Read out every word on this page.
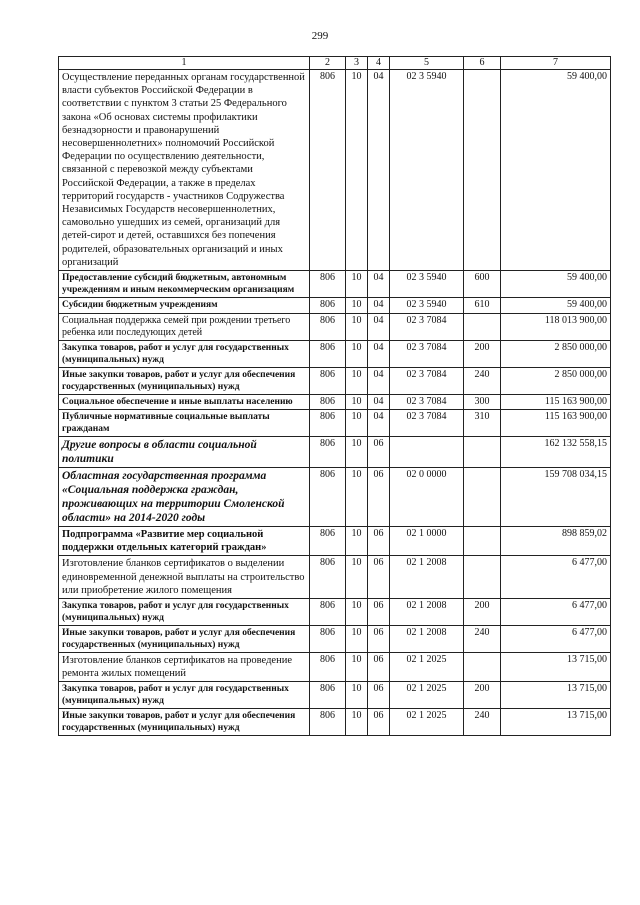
299
1	2	3	4	5	6	7
Осуществление переданных органам государственной власти субъектов Российской Федерации в соответствии с пунктом 3 статьи 25 Федерального закона «Об основах системы профилактики безнадзорности и правонарушений несовершеннолетних» полномочий Российской Федерации по осуществлению деятельности, связанной с перевозкой между субъектами Российской Федерации, а также в пределах территорий государств - участников Содружества Независимых Государств несовершеннолетних, самовольно ушедших из семей, организаций для детей-сирот и детей, оставшихся без попечения родителей, образовательных организаций и иных организаций	806	10	04	02 3 5940		59 400,00
Предоставление субсидий бюджетным, автономным учреждениям и иным некоммерческим организациям	806	10	04	02 3 5940	600	59 400,00
Субсидии бюджетным учреждениям	806	10	04	02 3 5940	610	59 400,00
Социальная поддержка семей при рождении третьего ребенка или последующих детей	806	10	04	02 3 7084		118 013 900,00
Закупка товаров, работ и услуг для государственных (муниципальных) нужд	806	10	04	02 3 7084	200	2 850 000,00
Иные закупки товаров, работ и услуг для обеспечения государственных (муниципальных) нужд	806	10	04	02 3 7084	240	2 850 000,00
Социальное обеспечение и иные выплаты населению	806	10	04	02 3 7084	300	115 163 900,00
Публичные нормативные социальные выплаты гражданам	806	10	04	02 3 7084	310	115 163 900,00
Другие вопросы в области социальной политики	806	10	06			162 132 558,15
Областная государственная программа «Социальная поддержка граждан, проживающих на территории Смоленской области» на 2014-2020 годы	806	10	06	02 0 0000		159 708 034,15
Подпрограмма «Развитие мер социальной поддержки отдельных категорий граждан»	806	10	06	02 1 0000		898 859,02
Изготовление бланков сертификатов о выделении единовременной денежной выплаты на строительство или приобретение жилого помещения	806	10	06	02 1 2008		6 477,00
Закупка товаров, работ и услуг для государственных (муниципальных) нужд	806	10	06	02 1 2008	200	6 477,00
Иные закупки товаров, работ и услуг для обеспечения государственных (муниципальных) нужд	806	10	06	02 1 2008	240	6 477,00
Изготовление бланков сертификатов на проведение ремонта жилых помещений	806	10	06	02 1 2025		13 715,00
Закупка товаров, работ и услуг для государственных (муниципальных) нужд	806	10	06	02 1 2025	200	13 715,00
Иные закупки товаров, работ и услуг для обеспечения государственных (муниципальных) нужд	806	10	06	02 1 2025	240	13 715,00
